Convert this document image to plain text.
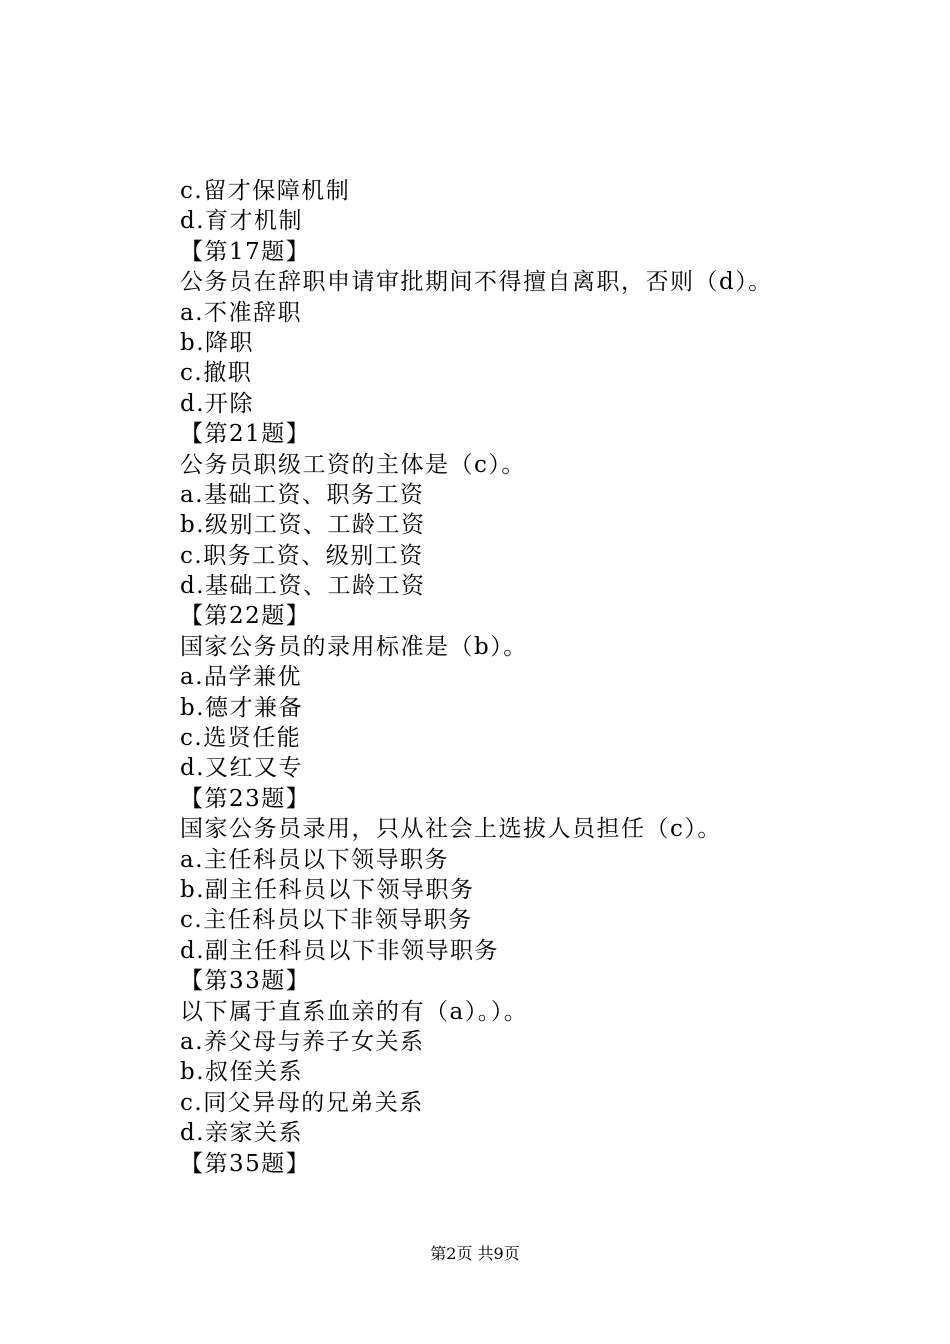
c.留才保障机制
d.育才机制
【第17题】
公务员在辞职申请审批期间不得擅自离职，否则（d）。
a.不准辞职
b.降职
c.撤职
d.开除
【第21题】
公务员职级工资的主体是（c）。
a.基础工资、职务工资
b.级别工资、工龄工资
c.职务工资、级别工资
d.基础工资、工龄工资
【第22题】
国家公务员的录用标准是（b）。
a.品学兼优
b.德才兼备
c.选贤任能
d.又红又专
【第23题】
国家公务员录用，只从社会上选拔人员担任（c）。
a.主任科员以下领导职务
b.副主任科员以下领导职务
c.主任科员以下非领导职务
d.副主任科员以下非领导职务
【第33题】
以下属于直系血亲的有（a）。）。
a.养父母与养子女关系
b.叔侄关系
c.同父异母的兄弟关系
d.亲家关系
【第35题】
第2页 共9页
